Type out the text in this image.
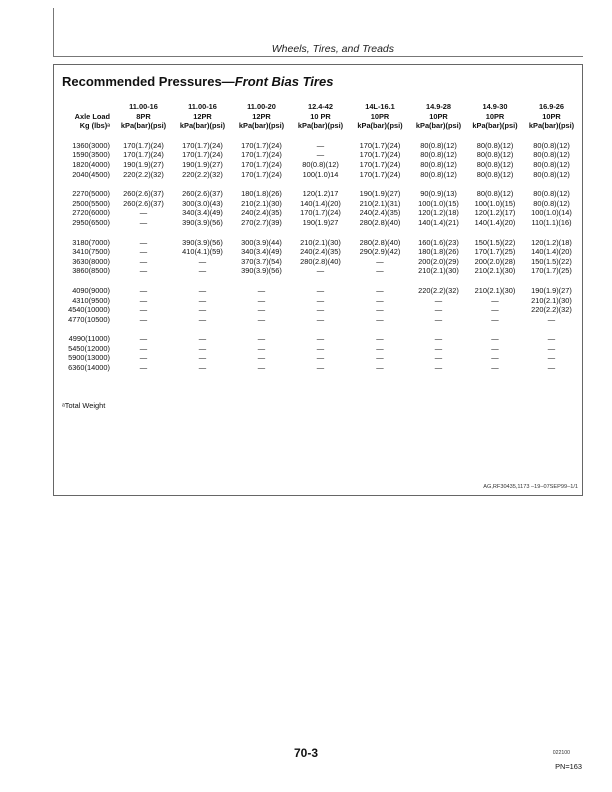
Wheels, Tires, and Treads
Recommended Pressures—Front Bias Tires
	11.00-16	11.00-16	11.00-20	12.4-42	14L-16.1	14.9-28	14.9-30	16.9-26
Axle Load	8PR	12PR	12PR	10 PR	10PR	10PR	10PR	10PR
Kg (lbs)ᵃ	kPa(bar)(psi)	kPa(bar)(psi)	kPa(bar)(psi)	kPa(bar)(psi)	kPa(bar)(psi)	kPa(bar)(psi)	kPa(bar)(psi)	kPa(bar)(psi)

1360(3000)	170(1.7)(24)	170(1.7)(24)	170(1.7)(24)	—	170(1.7)(24)	80(0.8)(12)	80(0.8)(12)	80(0.8)(12)
1590(3500)	170(1.7)(24)	170(1.7)(24)	170(1.7)(24)	—	170(1.7)(24)	80(0.8)(12)	80(0.8)(12)	80(0.8)(12)
1820(4000)	190(1.9)(27)	190(1.9)(27)	170(1.7)(24)	80(0.8)(12)	170(1.7)(24)	80(0.8)(12)	80(0.8)(12)	80(0.8)(12)
2040(4500)	220(2.2)(32)	220(2.2)(32)	170(1.7)(24)	100(1.0)14	170(1.7)(24)	80(0.8)(12)	80(0.8)(12)	80(0.8)(12)

2270(5000)	260(2.6)(37)	260(2.6)(37)	180(1.8)(26)	120(1.2)17	190(1.9)(27)	90(0.9)(13)	80(0.8)(12)	80(0.8)(12)
2500(5500)	260(2.6)(37)	300(3.0)(43)	210(2.1)(30)	140(1.4)(20)	210(2.1)(31)	100(1.0)(15)	100(1.0)(15)	80(0.8)(12)
2720(6000)	—	340(3.4)(49)	240(2.4)(35)	170(1.7)(24)	240(2.4)(35)	120(1.2)(18)	120(1.2)(17)	100(1.0)(14)
2950(6500)	—	390(3.9)(56)	270(2.7)(39)	190(1.9)27	280(2.8)(40)	140(1.4)(21)	140(1.4)(20)	110(1.1)(16)

3180(7000)	—	390(3.9)(56)	300(3.9)(44)	210(2.1)(30)	280(2.8)(40)	160(1.6)(23)	150(1.5)(22)	120(1.2)(18)
3410(7500)	—	410(4.1)(59)	340(3.4)(49)	240(2.4)(35)	290(2.9)(42)	180(1.8)(26)	170(1.7)(25)	140(1.4)(20)
3630(8000)	—	—	370(3.7)(54)	280(2.8)(40)	—	200(2.0)(29)	200(2.0)(28)	150(1.5)(22)
3860(8500)	—	—	390(3.9)(56)	—	—	210(2.1)(30)	210(2.1)(30)	170(1.7)(25)

4090(9000)	—	—	—	—	—	220(2.2)(32)	210(2.1)(30)	190(1.9)(27)
4310(9500)	—	—	—	—	—	—	—	210(2.1)(30)
4540(10000)	—	—	—	—	—	—	—	220(2.2)(32)
4770(10500)	—	—	—	—	—	—	—	—

4990(11000)	—	—	—	—	—	—	—	—
5450(12000)	—	—	—	—	—	—	—	—
5900(13000)	—	—	—	—	—	—	—	—
6360(14000)	—	—	—	—	—	—	—	—
ᵃTotal Weight
AG,RF30435,1173 –19–07SEP99–1/1
70-3	022100
PN=163
